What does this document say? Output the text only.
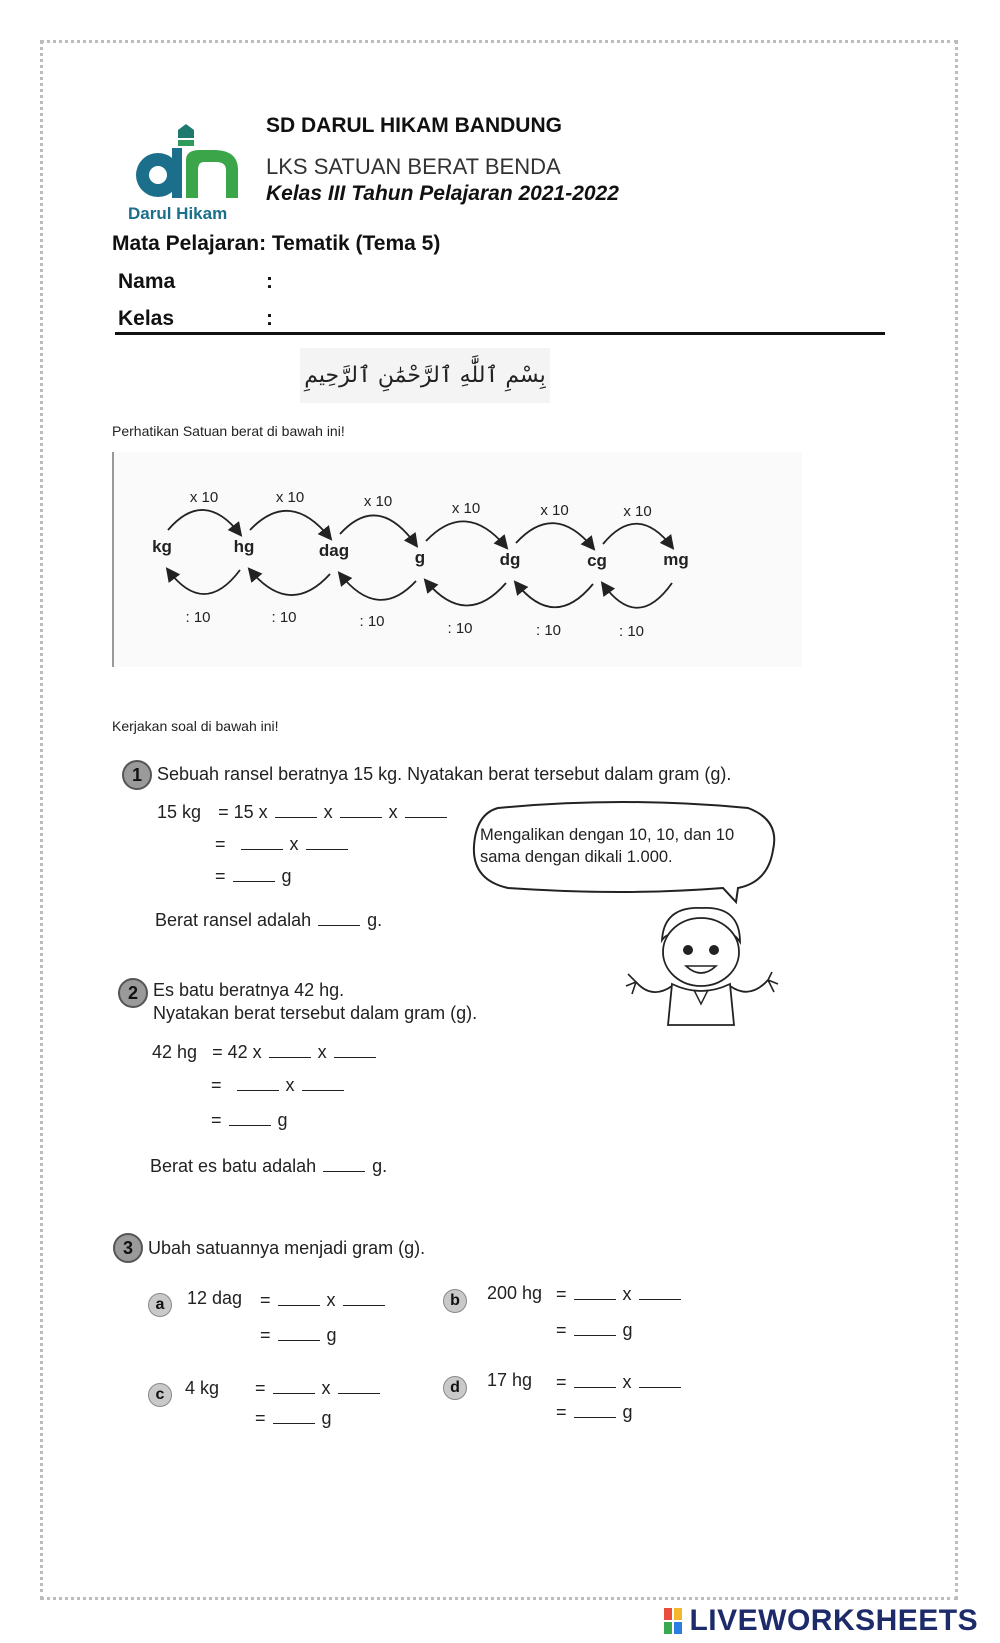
Darul Hikam
SD DARUL HIKAM BANDUNG
LKS SATUAN BERAT BENDA
Kelas III Tahun Pelajaran 2021-2022
Mata Pelajaran: Tematik (Tema 5)
Nama	:
Kelas	:
بِسْمِ ٱللَّٰهِ ٱلرَّحْمَٰنِ ٱلرَّحِيمِ
Perhatikan Satuan berat di bawah ini!
kg	hg	dag	g	dg	cg	mg
x 10
: 10
x 10
: 10
x 10
: 10
x 10
: 10
x 10
: 10
x 10
: 10
Kerjakan soal di bawah ini!
1 Sebuah ransel beratnya 15 kg. Nyatakan berat tersebut dalam gram (g).
15 kg = 15 x	x	x
=	x
=	g
Berat ransel adalah	g.
Mengalikan dengan 10, 10, dan 10 sama dengan dikali 1.000.
2 Es batu beratnya 42 hg.
Nyatakan berat tersebut dalam gram (g).
42 hg = 42 x	x
=	x
=	g
Berat es batu adalah	g.
3 Ubah satuannya menjadi gram (g).
a	12 dag =	x
=	g
b	200 hg =	x
=	g
c	4 kg =	x
=	g
d	17 hg =	x
=	g
LIVEWORKSHEETS
